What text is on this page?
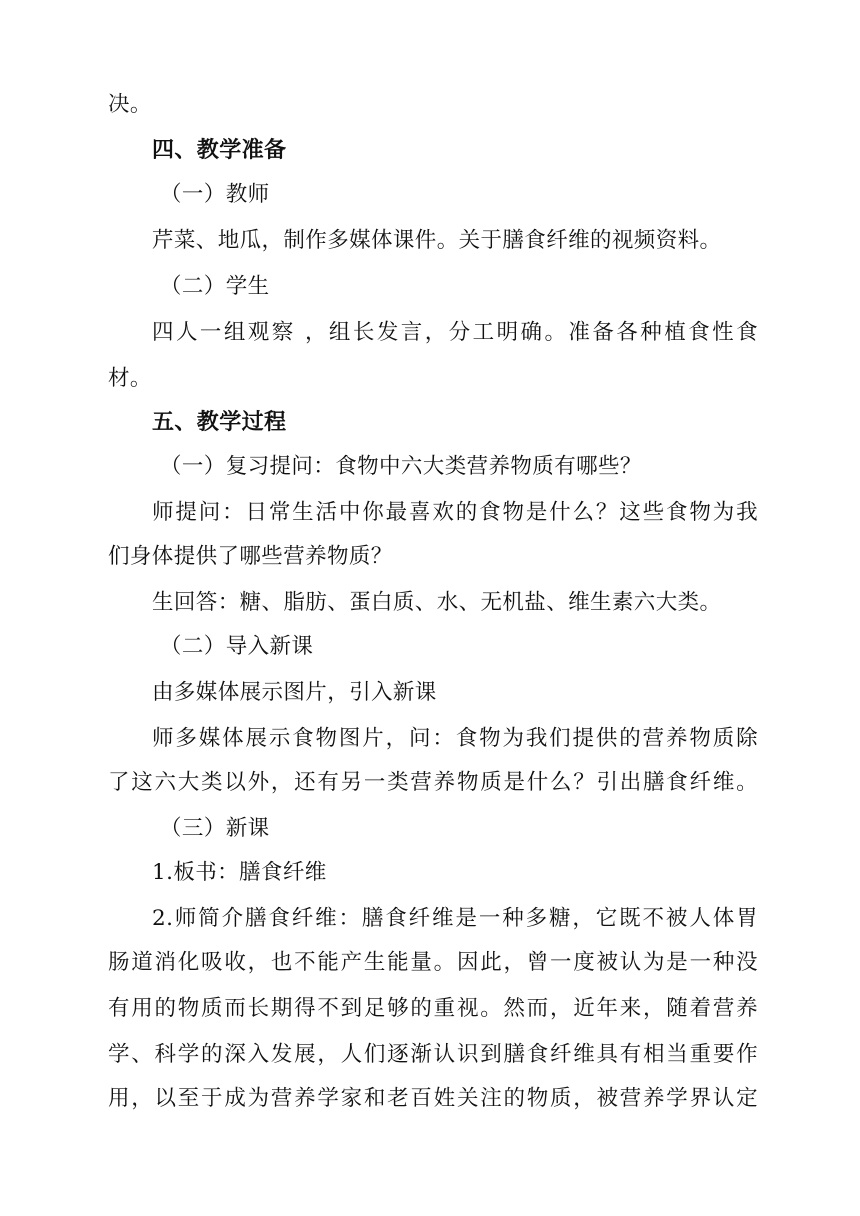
决。
四、教学准备
（一）教师
芹菜、地瓜，制作多媒体课件。关于膳食纤维的视频资料。
（二）学生
四人一组观察 ，组长发言，分工明确。准备各种植食性食
材。
五、教学过程
（一）复习提问：食物中六大类营养物质有哪些？
师提问：日常生活中你最喜欢的食物是什么？这些食物为我
们身体提供了哪些营养物质？
生回答：糖、脂肪、蛋白质、水、无机盐、维生素六大类。
（二）导入新课
由多媒体展示图片，引入新课
师多媒体展示食物图片，问：食物为我们提供的营养物质除
了这六大类以外，还有另一类营养物质是什么？引出膳食纤维。
（三）新课
1.板书：膳食纤维
2.师简介膳食纤维：膳食纤维是一种多糖，它既不被人体胃
肠道消化吸收，也不能产生能量。因此，曾一度被认为是一种没
有用的物质而长期得不到足够的重视。然而，近年来，随着营养
学、科学的深入发展，人们逐渐认识到膳食纤维具有相当重要作
用，以至于成为营养学家和老百姓关注的物质，被营养学界认定
